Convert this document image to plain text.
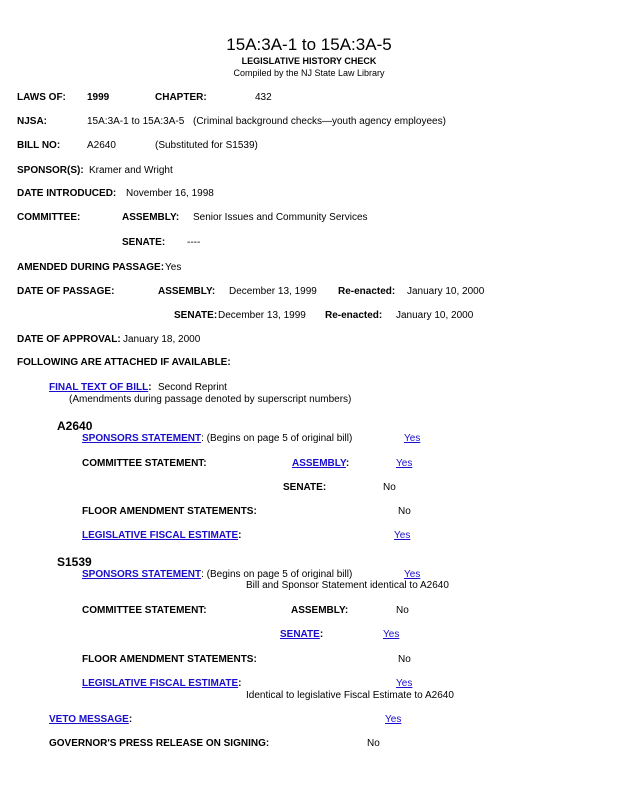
15A:3A-1 to 15A:3A-5
LEGISLATIVE HISTORY CHECK
Compiled by the NJ State Law Library
LAWS OF: 1999	CHAPTER:	432
NJSA:	15A:3A-1 to 15A:3A-5 (Criminal background checks—youth agency employees)
BILL NO:	A2640	(Substituted for S1539)
SPONSOR(S): Kramer and Wright
DATE INTRODUCED: November 16, 1998
COMMITTEE:	ASSEMBLY: Senior Issues and Community Services
SENATE: ----
AMENDED DURING PASSAGE: Yes
DATE OF PASSAGE:	ASSEMBLY: December 13, 1999 Re-enacted: January 10, 2000
SENATE: December 13, 1999 Re-enacted: January 10, 2000
DATE OF APPROVAL: January 18, 2000
FOLLOWING ARE ATTACHED IF AVAILABLE:
FINAL TEXT OF BILL: Second Reprint
(Amendments during passage denoted by superscript numbers)
A2640
SPONSORS STATEMENT: (Begins on page 5 of original bill)	Yes
COMMITTEE STATEMENT:	ASSEMBLY:	Yes
SENATE:	No
FLOOR AMENDMENT STATEMENTS:	No
LEGISLATIVE FISCAL ESTIMATE:	Yes
S1539
SPONSORS STATEMENT: (Begins on page 5 of original bill)	Yes
Bill and Sponsor Statement identical to A2640
COMMITTEE STATEMENT:	ASSEMBLY:	No
SENATE:	Yes
FLOOR AMENDMENT STATEMENTS:	No
LEGISLATIVE FISCAL ESTIMATE:	Yes
Identical to legislative Fiscal Estimate to A2640
VETO MESSAGE:	Yes
GOVERNOR'S PRESS RELEASE ON SIGNING:	No
